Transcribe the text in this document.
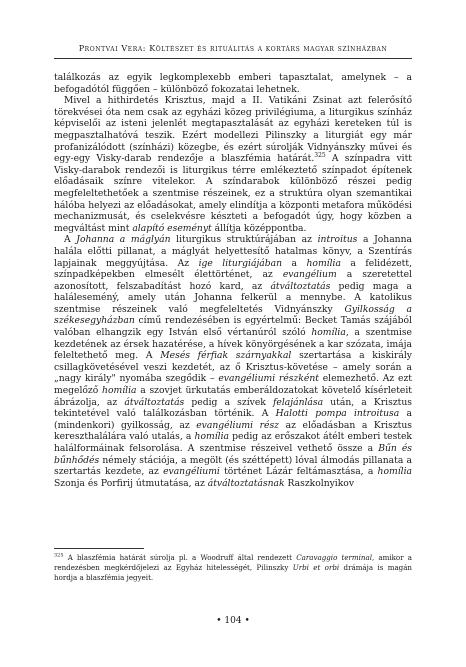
Prontvai Vera: Költészet és rituálitás a kortárs magyar színházban

találkozás az egyik legkomplexebb emberi tapasztalat, amelynek – a befogadótól függően – különböző fokozatai lehetnek.

Mivel a hithirdetés Krisztus, majd a II. Vatikáni Zsinat azt felerősítő törekvései óta nem csak az egyházi közeg privilégiuma, a liturgikus színház képviselői az isteni jelenlét megtapasztalását az egyházi kereteken túl is megpasztalhatóvá teszik. Ezért modellezi Pilinszky a liturgiát egy már profanizálódott (színházi) közegbe, és ezért súrolják Vidnyánszky művei és egy-egy Visky-darab rendezője a blaszfémia határát.$^{325}$ A színpadra vitt Visky-darabok rendezői is liturgikus térre emlékeztető színpadot építenek előadásaik színre vitelekor. A színdarabok különböző részei pedig megfeleltethetőek a szentmise részeinek, ez a struktúra olyan szemantikai hálóba helyezi az előadásokat, amely elindítja a központi metafora működési mechanizmusát, és cselekvésre készteti a befogadót úgy, hogy közben a megváltást mint alapító eseményt állítja középpontba.

A Johanna a máglyán liturgikus struktúrájában az introitus a Johanna halála előtti pillanat, a máglyát helyettesítő hatalmas könyv, a Szentírás lapjainak meggyújtása. Az ige liturgiájában a homília a felidézett, színpadképekben elmesélt élettörténet, az evangélium a szeretettel azonosított, felszabadítást hozó kard, az átváltoztatás pedig maga a haláleseméný, amely után Johanna felkerül a mennybe. A katolikus szentmise részeinek való megfeleltetés Vidnyánszky Gyilkosság a székesegyházban című rendezésében is egyértelmű: Becket Tamás szájából valóban elhangzik egy István első vértanúról szóló homília, a szentmise kezdetének az érsek hazatérése, a hívek könyörgésének a kar szózata, imája feleltethető meg. A Mesés férfiak szárnyakkal szertartása a kiskirály csillagkövetésével veszi kezdetét, az ő Krisztus-követése – amely során a „nagy király" nyomába szegődik – evangéliumi részként elemezhető. Az ezt megelőző homília a szovjet ürkutatás emberáldozatokat követelő kísérleteit ábrázolja, az átváltoztatás pedig a szívek felajánlása után, a Krisztus tekintetével való találkozásban történik. A Halotti pompa introitusa a (mindenkori) gyilkosság, az evangéliumi rész az előadásban a Krisztus kereszthalálára való utalás, a homília pedig az erőszakot átélt emberi testek halálformáinak felsorolása. A szentmise részeivel vethető össze a Bűn és bűnhődés némely stációja, a megölt (és széttépett) lóval álmodás pillanata a szertartás kezdete, az evangéliumi történet Lázár feltámasztása, a homília Szonja és Porfirij útmutatása, az átváltoztatásnak Raszkolnyikov

$^{325}$ A blaszfémia határát súrolja pl. a Woodruff által rendezett Caravaggio terminal, amikor a rendezésben megkérdőjelezi az Egyház hitelességét, Pilinszky Urbi et orbi drámája is magán hordja a blaszfémia jegyeit.

• 104 •
